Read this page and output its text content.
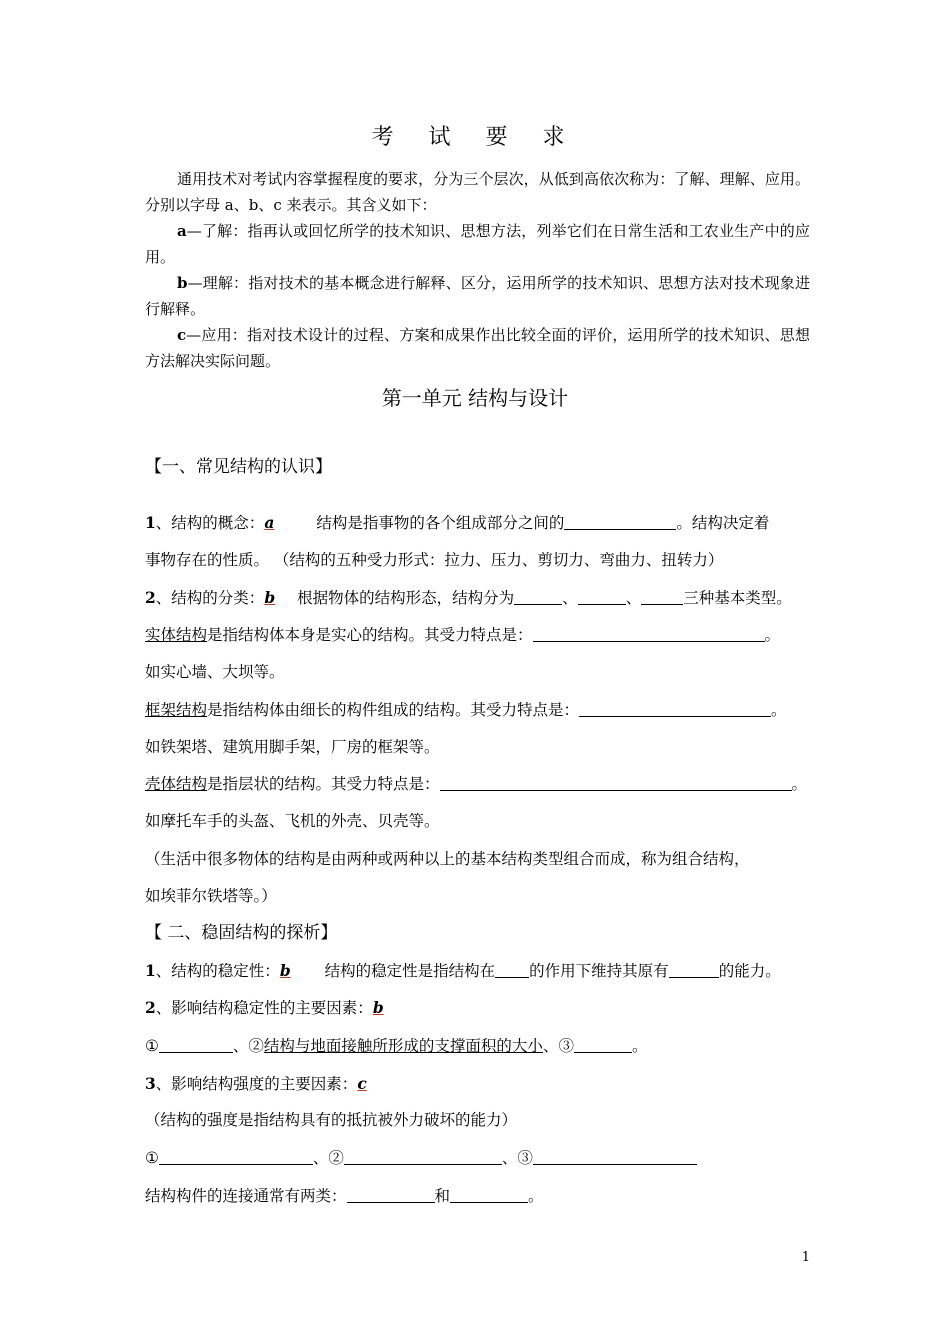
考 试 要 求
通用技术对考试内容掌握程度的要求，分为三个层次，从低到高依次称为：了解、理解、应用。分别以字母 a、b、c 来表示。其含义如下：
a—了解：指再认或回忆所学的技术知识、思想方法，列举它们在日常生活和工农业生产中的应用。
b—理解：指对技术的基本概念进行解释、区分，运用所学的技术知识、思想方法对技术现象进行解释。
c—应用：指对技术设计的过程、方案和成果作出比较全面的评价，运用所学的技术知识、思想方法解决实际问题。
第一单元 结构与设计
【一、常见结构的认识】
1、结构的概念：a	结构是指事物的各个组成部分之间的	。结构决定着
事物存在的性质。 （结构的五种受力形式：拉力、压力、剪切力、弯曲力、扭转力）
2、结构的分类：b 根据物体的结构形态，结构分为	、	、	三种基本类型。
实体结构是指结构体本身是实心的结构。其受力特点是：	。
如实心墙、大坝等。
框架结构是指结构体由细长的构件组成的结构。其受力特点是：	。
如铁架塔、建筑用脚手架，厂房的框架等。
壳体结构是指层状的结构。其受力特点是：	。
如摩托车手的头盔、飞机的外壳、贝壳等。
（生活中很多物体的结构是由两种或两种以上的基本结构类型组合而成，称为组合结构，
如埃菲尔铁塔等。）
【 二、稳固结构的探析】
1、结构的稳定性：b 结构的稳定性是指结构在 的作用下维持其原有	的能力。
2、影响结构稳定性的主要因素：b
①	、②结构与地面接触所形成的支撑面积的大小、③	。
3、影响结构强度的主要因素：c
（结构的强度是指结构具有的抵抗被外力破坏的能力）
①	、②	、③
结构构件的连接通常有两类：	和	。
1
